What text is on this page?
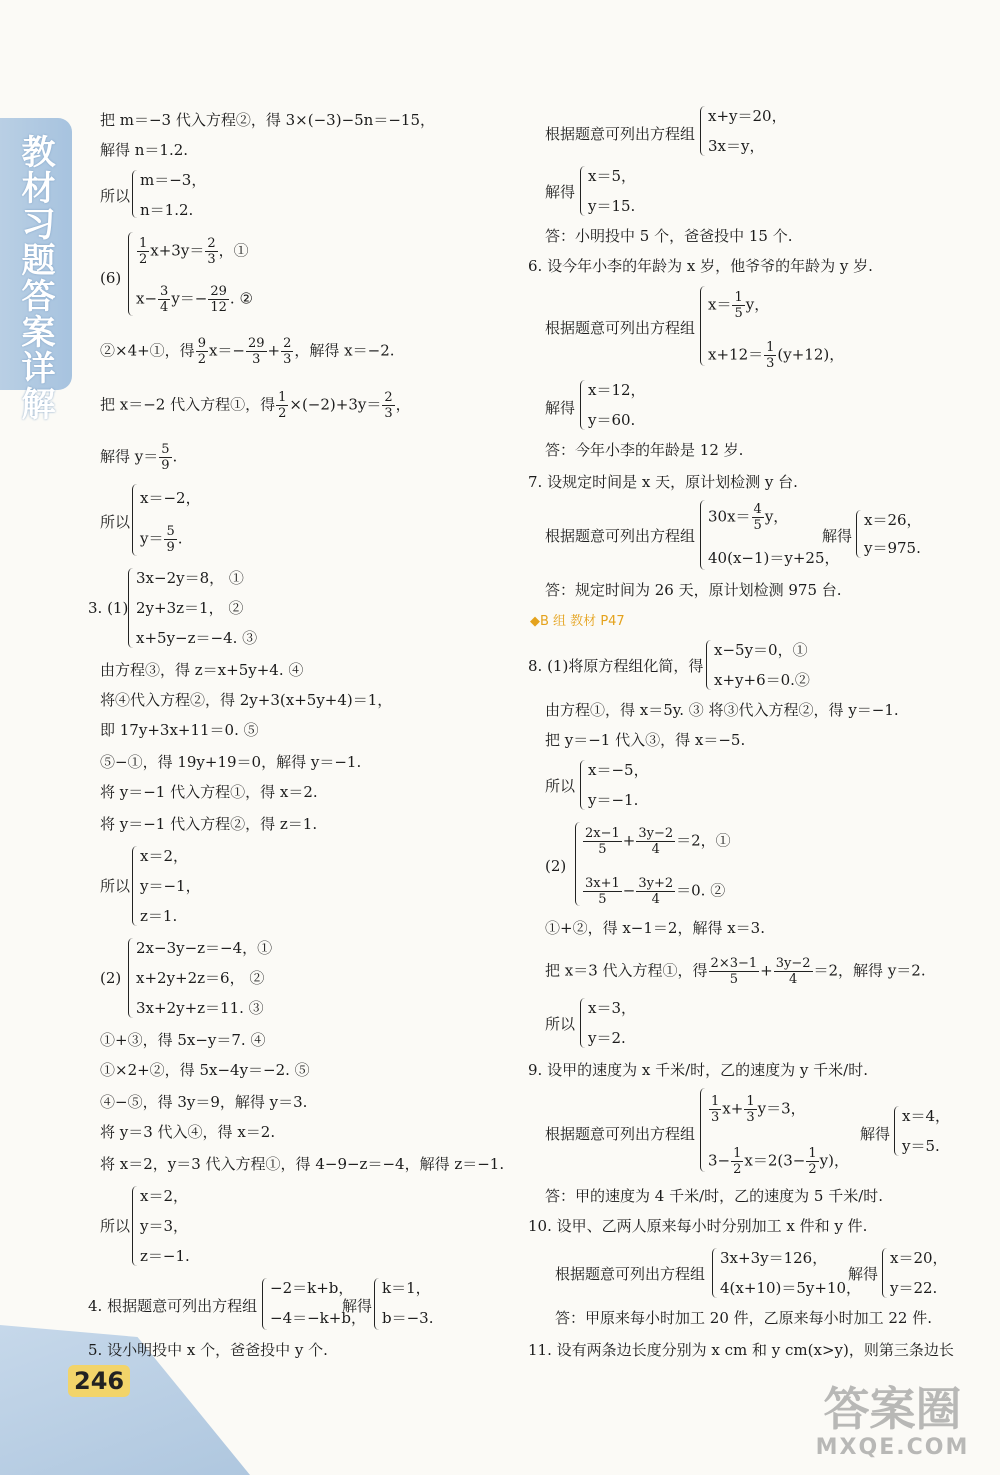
教材习题答案详解
246
答案圈
MXQE.COM
把 m＝−3 代入方程②，得 3×(−3)−5n＝−15，
解得 n＝1.2.
所以
m＝−3，
n＝1.2.
(6)
$\frac{1}{2} x+3y= \frac{2}{3}$ ，①
$x- \frac{3}{4} y=- \frac{29}{12}$ . ②
②×4+①，得 $\frac{9}{2} x=- \frac{29}{3} + \frac{2}{3}$ ，解得 x＝−2.
把 x＝−2 代入方程①，得 $\frac{1}{2} \times(-2)+3y= \frac{2}{3}$ ，
解得 $y= \frac{5}{9}$ .
所以
x＝−2，
$y= \frac{5}{9}$ .
3. (1)
3x−2y＝8， ①
2y+3z＝1， ②
x+5y−z＝−4. ③
由方程③，得 z＝x+5y+4. ④
将④代入方程②，得 2y+3(x+5y+4)＝1，
即 17y+3x+11＝0. ⑤
⑤−①，得 19y+19＝0，解得 y＝−1.
将 y＝−1 代入方程①，得 x＝2.
将 y＝−1 代入方程②，得 z＝1.
所以
x＝2，
y＝−1，
z＝1.
(2)
2x−3y−z＝−4，①
x+2y+2z＝6， ②
3x+2y+z＝11. ③
①+③，得 5x−y＝7. ④
①×2+②，得 5x−4y＝−2. ⑤
④−⑤，得 3y＝9，解得 y＝3.
将 y＝3 代入④，得 x＝2.
将 x＝2，y＝3 代入方程①，得 4−9−z＝−4，解得 z＝−1.
所以
x＝2，
y＝3，
z＝−1.
4. 根据题意可列出方程组
−2＝k+b，
−4＝−k+b，
解得
k＝1，
b＝−3.
5. 设小明投中 x 个，爸爸投中 y 个.
根据题意可列出方程组
x+y＝20，
3x＝y，
解得
x＝5，
y＝15.
答：小明投中 5 个，爸爸投中 15 个.
6. 设今年小李的年龄为 x 岁，他爷爷的年龄为 y 岁.
根据题意可列出方程组
$x= \frac{1}{5}$ y，
$x+12= \frac{1}{3} (y+12)$，
解得
x＝12，
y＝60.
答：今年小李的年龄是 12 岁.
7. 设规定时间是 x 天，原计划检测 y 台.
根据题意可列出方程组
$30x= \frac{4}{5}$ y，
40(x−1)＝y+25，
解得
x＝26，
y＝975.
答：规定时间为 26 天，原计划检测 975 台.
◆B 组 教材 P47
8. (1)将原方程组化简，得
x−5y＝0，①
x+y+6＝0.②
由方程①，得 x＝5y. ③ 将③代入方程②，得 y＝−1.
把 y＝−1 代入③，得 x＝−5.
所以
x＝−5，
y＝−1.
(2)
$\frac{2x-1}{5} + \frac{3y-2}{4} =2$，①
$\frac{3x+1}{5} - \frac{3y+2}{4} =0$. ②
①+②，得 x−1＝2，解得 x＝3.
把 x＝3 代入方程①，得 $\frac{2\times 3-1}{5} + \frac{3y-2}{4} =2$，解得 y＝2.
所以
x＝3，
y＝2.
9. 设甲的速度为 x 千米/时，乙的速度为 y 千米/时.
根据题意可列出方程组
$\frac{1}{3} x+ \frac{1}{3} y=3$，
$3- \frac{1}{2} x=2(3- \frac{1}{2} y)$，
解得
x＝4，
y＝5.
答：甲的速度为 4 千米/时，乙的速度为 5 千米/时.
10. 设甲、乙两人原来每小时分别加工 x 件和 y 件.
根据题意可列出方程组
3x+3y＝126，
4(x+10)＝5y+10，
解得
x＝20，
y＝22.
答：甲原来每小时加工 20 件，乙原来每小时加工 22 件.
11. 设有两条边长度分别为 x cm 和 y cm(x>y)，则第三条边长
